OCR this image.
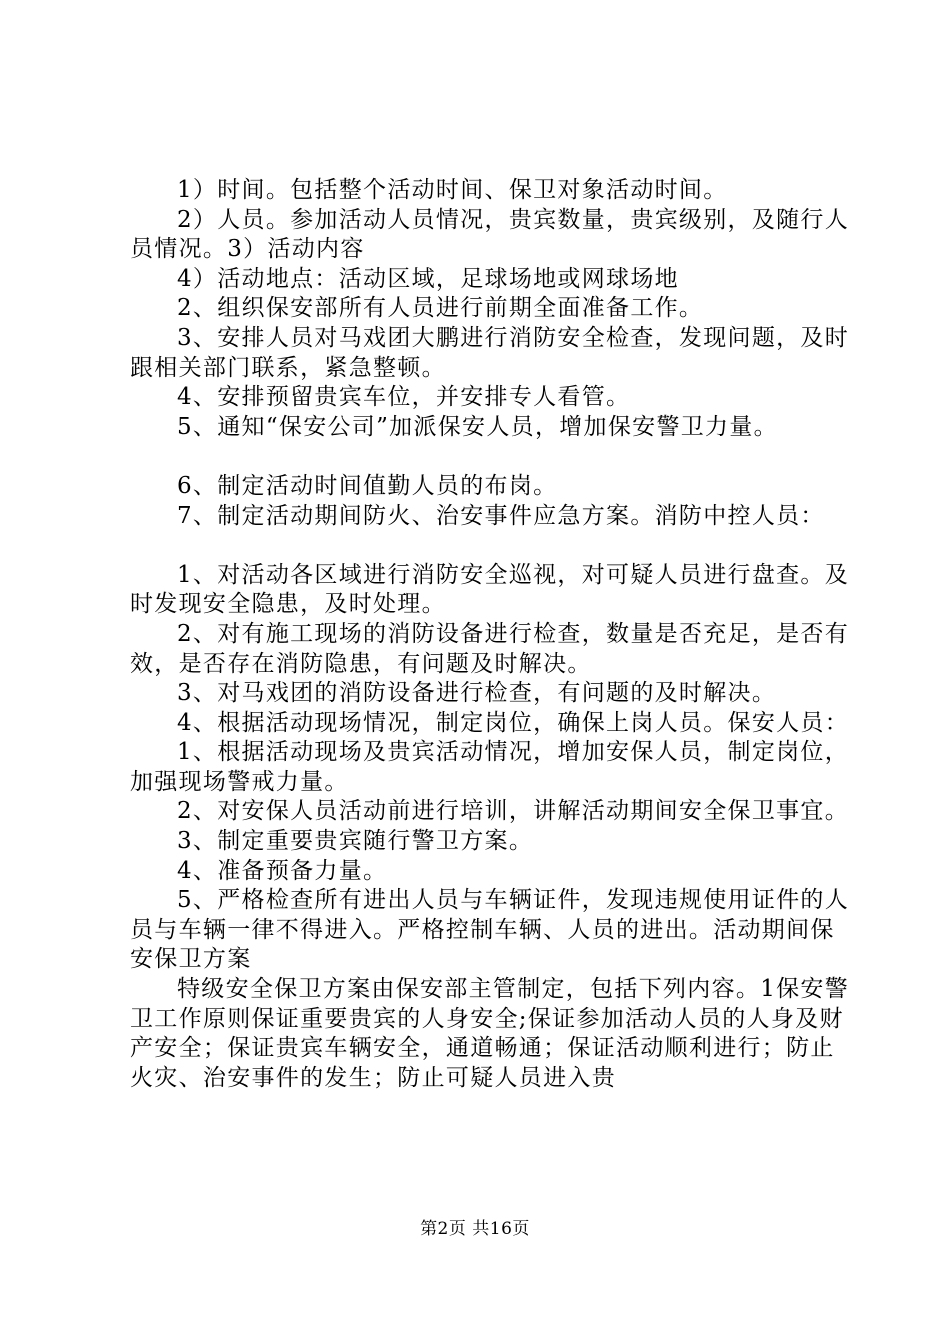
1）时间。包括整个活动时间、保卫对象活动时间。

2）人员。参加活动人员情况，贵宾数量，贵宾级别，及随行人员情况。3）活动内容

4）活动地点：活动区域，足球场地或网球场地

2、组织保安部所有人员进行前期全面准备工作。

3、安排人员对马戏团大鹏进行消防安全检查，发现问题，及时跟相关部门联系，紧急整顿。

4、安排预留贵宾车位，并安排专人看管。

5、通知“保安公司”加派保安人员，增加保安警卫力量。

6、制定活动时间值勤人员的布岗。

7、制定活动期间防火、治安事件应急方案。消防中控人员：

1、对活动各区域进行消防安全巡视，对可疑人员进行盘查。及时发现安全隐患，及时处理。

2、对有施工现场的消防设备进行检查，数量是否充足，是否有效，是否存在消防隐患，有问题及时解决。

3、对马戏团的消防设备进行检查，有问题的及时解决。

4、根据活动现场情况，制定岗位，确保上岗人员。保安人员：

1、根据活动现场及贵宾活动情况，增加安保人员，制定岗位，加强现场警戒力量。

2、对安保人员活动前进行培训，讲解活动期间安全保卫事宜。

3、制定重要贵宾随行警卫方案。

4、准备预备力量。

5、严格检查所有进出人员与车辆证件，发现违规使用证件的人员与车辆一律不得进入。严格控制车辆、人员的进出。活动期间保安保卫方案

特级安全保卫方案由保安部主管制定，包括下列内容。1保安警卫工作原则保证重要贵宾的人身安全;保证参加活动人员的人身及财产安全；保证贵宾车辆安全，通道畅通；保证活动顺利进行；防止火灾、治安事件的发生；防止可疑人员进入贵

第2页 共16页
